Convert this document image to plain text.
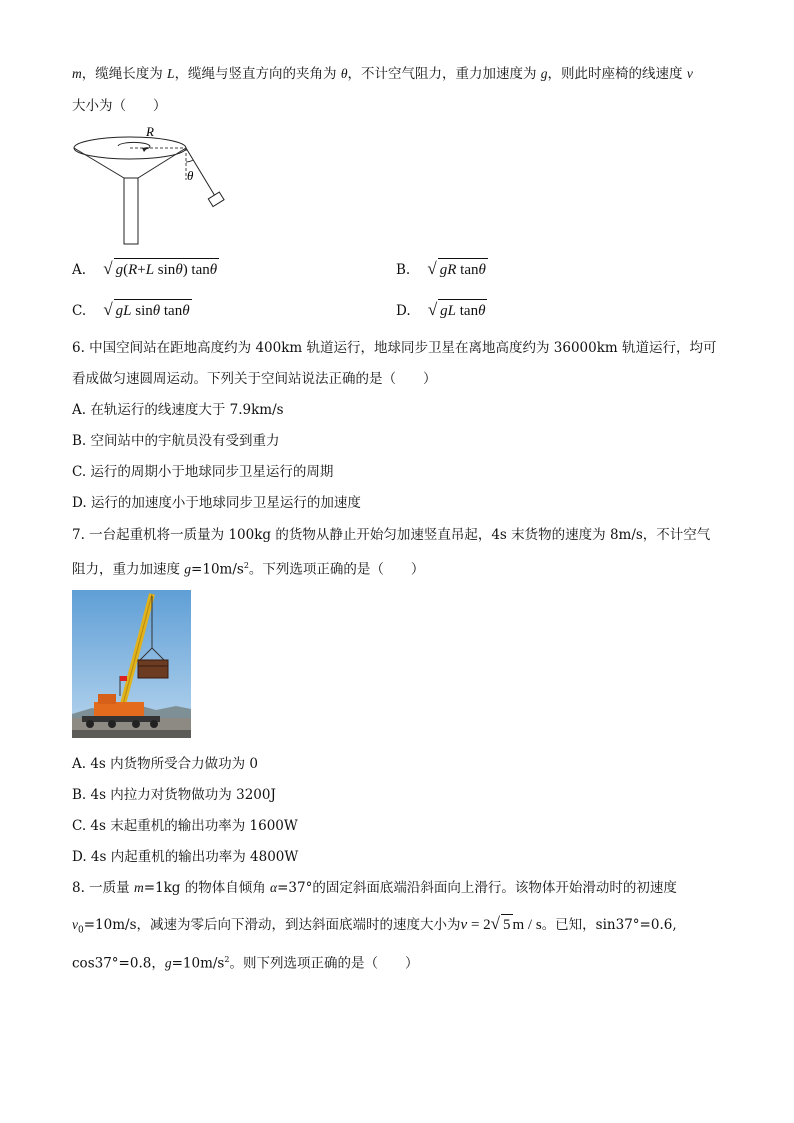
m，缆绳长度为 L，缆绳与竖直方向的夹角为 θ，不计空气阻力，重力加速度为 g，则此时座椅的线速度 v
大小为（　　）
R
θ
A. √ g(R+L sinθ) tanθ	B. √ gR tanθ
C. √ gL sinθ tanθ	D. √ gL tanθ
6. 中国空间站在距地高度约为 400km 轨道运行，地球同步卫星在离地高度约为 36000km 轨道运行，均可
看成做匀速圆周运动。下列关于空间站说法正确的是（　　）
A. 在轨运行的线速度大于 7.9km/s
B. 空间站中的宇航员没有受到重力
C. 运行的周期小于地球同步卫星运行的周期
D. 运行的加速度小于地球同步卫星运行的加速度
7. 一台起重机将一质量为 100kg 的货物从静止开始匀加速竖直吊起，4s 末货物的速度为 8m/s，不计空气
阻力，重力加速度 $g=10m/s^2$。下列选项正确的是（　　）
A. 4s 内货物所受合力做功为 0
B. 4s 内拉力对货物做功为 3200J
C. 4s 末起重机的输出功率为 1600W
D. 4s 内起重机的输出功率为 4800W
8. 一质量 m=1kg 的物体自倾角 α=37°的固定斜面底端沿斜面向上滑行。该物体开始滑动时的初速度
$v_0=10m/s$，减速为零后向下滑动，到达斜面底端时的速度大小为v = 2√ 5 m / s。已知，sin37°=0.6,
cos37°=0.8，$g=10m/s^2$。则下列选项正确的是（　　）
